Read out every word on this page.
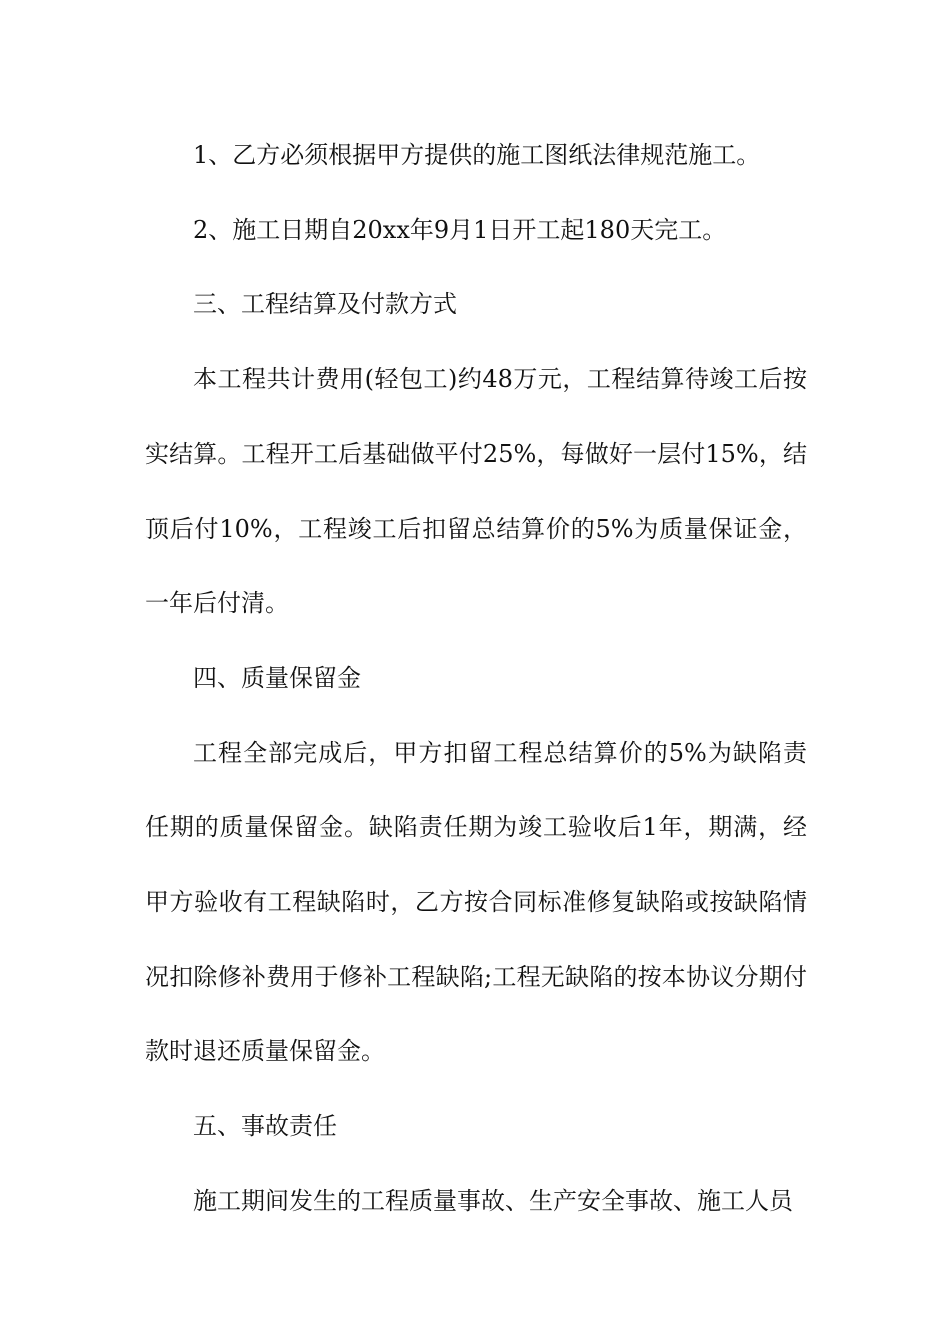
1、乙方必须根据甲方提供的施工图纸法律规范施工。

2、施工日期自20xx年9月1日开工起180天完工。

三、工程结算及付款方式

本工程共计费用(轻包工)约48万元，工程结算待竣工后按实结算。工程开工后基础做平付25%，每做好一层付15%，结顶后付10%，工程竣工后扣留总结算价的5%为质量保证金，一年后付清。

四、质量保留金

工程全部完成后，甲方扣留工程总结算价的5%为缺陷责任期的质量保留金。缺陷责任期为竣工验收后1年，期满，经甲方验收有工程缺陷时，乙方按合同标准修复缺陷或按缺陷情况扣除修补费用于修补工程缺陷;工程无缺陷的按本协议分期付款时退还质量保留金。

五、事故责任

施工期间发生的工程质量事故、生产安全事故、施工人员
